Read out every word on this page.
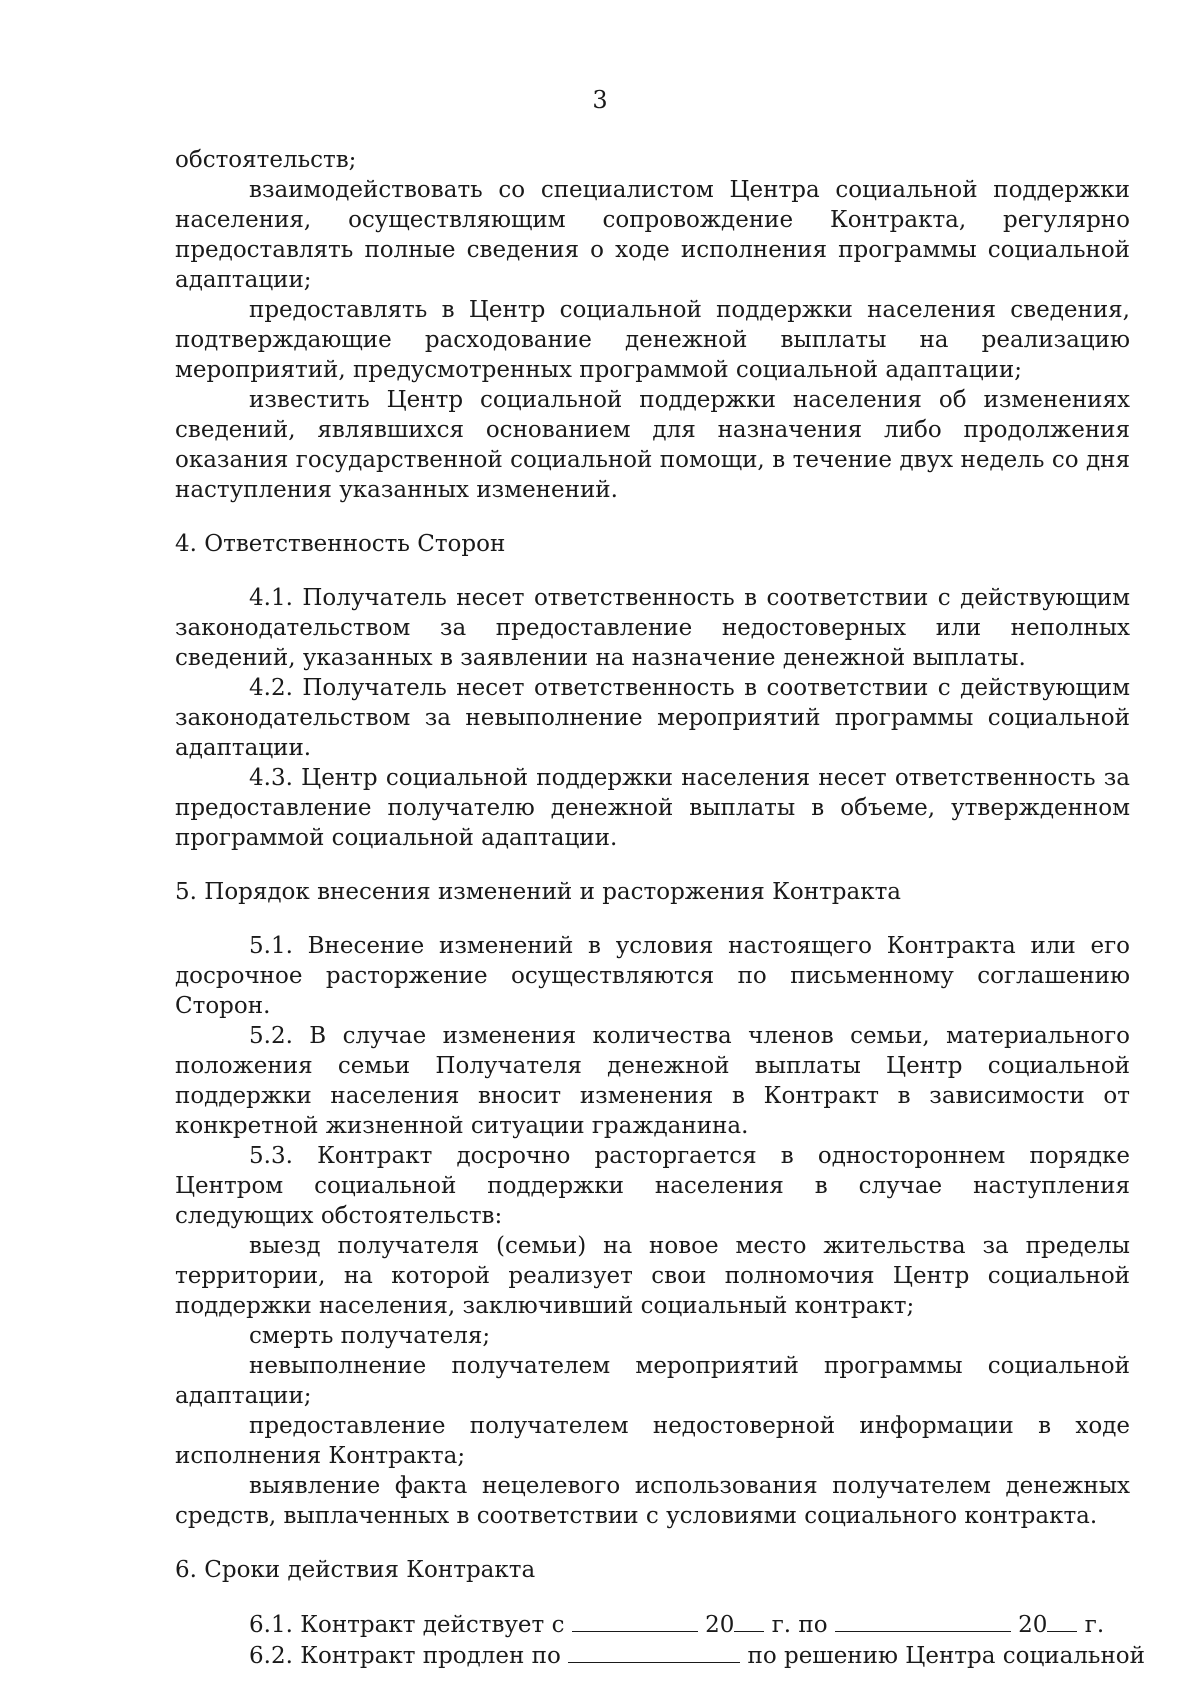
3

обстоятельств;

взаимодействовать со специалистом Центра социальной поддержки населения, осуществляющим сопровождение Контракта, регулярно предоставлять полные сведения о ходе исполнения программы социальной адаптации;

предоставлять в Центр социальной поддержки населения сведения, подтверждающие расходование денежной выплаты на реализацию мероприятий, предусмотренных программой социальной адаптации;

известить Центр социальной поддержки населения об изменениях сведений, являвшихся основанием для назначения либо продолжения оказания государственной социальной помощи, в течение двух недель со дня наступления указанных изменений.

4. Ответственность Сторон

4.1. Получатель несет ответственность в соответствии с действующим законодательством за предоставление недостоверных или неполных сведений, указанных в заявлении на назначение денежной выплаты.

4.2. Получатель несет ответственность в соответствии с действующим законодательством за невыполнение мероприятий программы социальной адаптации.

4.3. Центр социальной поддержки населения несет ответственность за предоставление получателю денежной выплаты в объеме, утвержденном программой социальной адаптации.

5. Порядок внесения изменений и расторжения Контракта

5.1. Внесение изменений в условия настоящего Контракта или его досрочное расторжение осуществляются по письменному соглашению Сторон.

5.2. В случае изменения количества членов семьи, материального положения семьи Получателя денежной выплаты Центр социальной поддержки населения вносит изменения в Контракт в зависимости от конкретной жизненной ситуации гражданина.

5.3. Контракт досрочно расторгается в одностороннем порядке Центром социальной поддержки населения в случае наступления следующих обстоятельств:

выезд получателя (семьи) на новое место жительства за пределы территории, на которой реализует свои полномочия Центр социальной поддержки населения, заключивший социальный контракт;

смерть получателя;

невыполнение получателем мероприятий программы социальной адаптации;

предоставление получателем недостоверной информации в ходе исполнения Контракта;

выявление факта нецелевого использования получателем денежных средств, выплаченных в соответствии с условиями социального контракта.

6. Сроки действия Контракта

6.1. Контракт действует с	20 г. по	20 г.

6.2. Контракт продлен по	по решению Центра социальной
